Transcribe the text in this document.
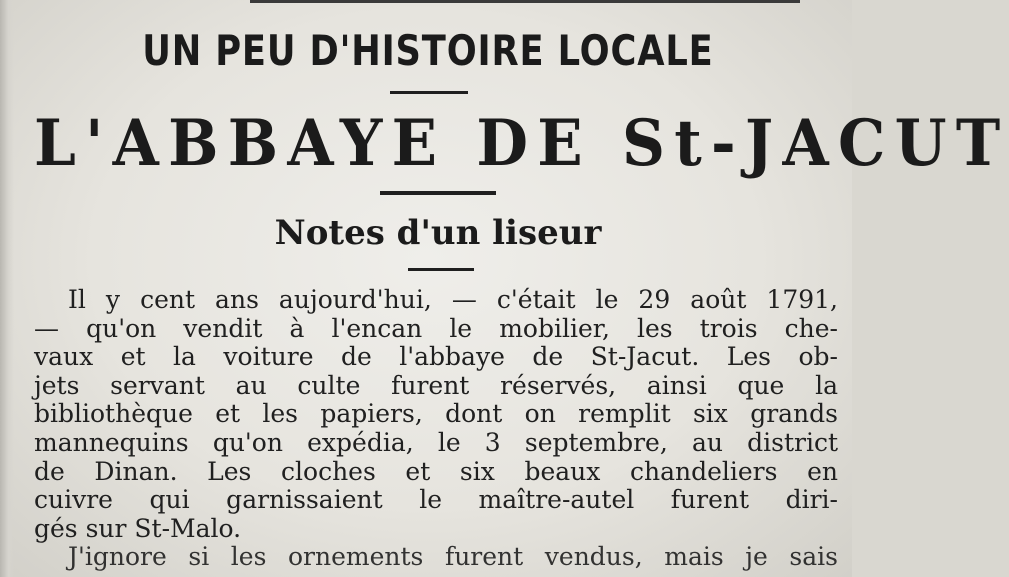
UN PEU D'HISTOIRE LOCALE
L'ABBAYE DE St-JACUT
Notes d'un liseur
Il y cent ans aujourd'hui, — c'était le 29 août 1791,
— qu'on vendit à l'encan le mobilier, les trois che-
vaux et la voiture de l'abbaye de St-Jacut. Les ob-
jets servant au culte furent réservés, ainsi que la
bibliothèque et les papiers, dont on remplit six grands
mannequins qu'on expédia, le 3 septembre, au district
de Dinan. Les cloches et six beaux chandeliers en
cuivre qui garnissaient le maître-autel furent diri-
gés sur St-Malo.
J'ignore si les ornements furent vendus, mais je sais
